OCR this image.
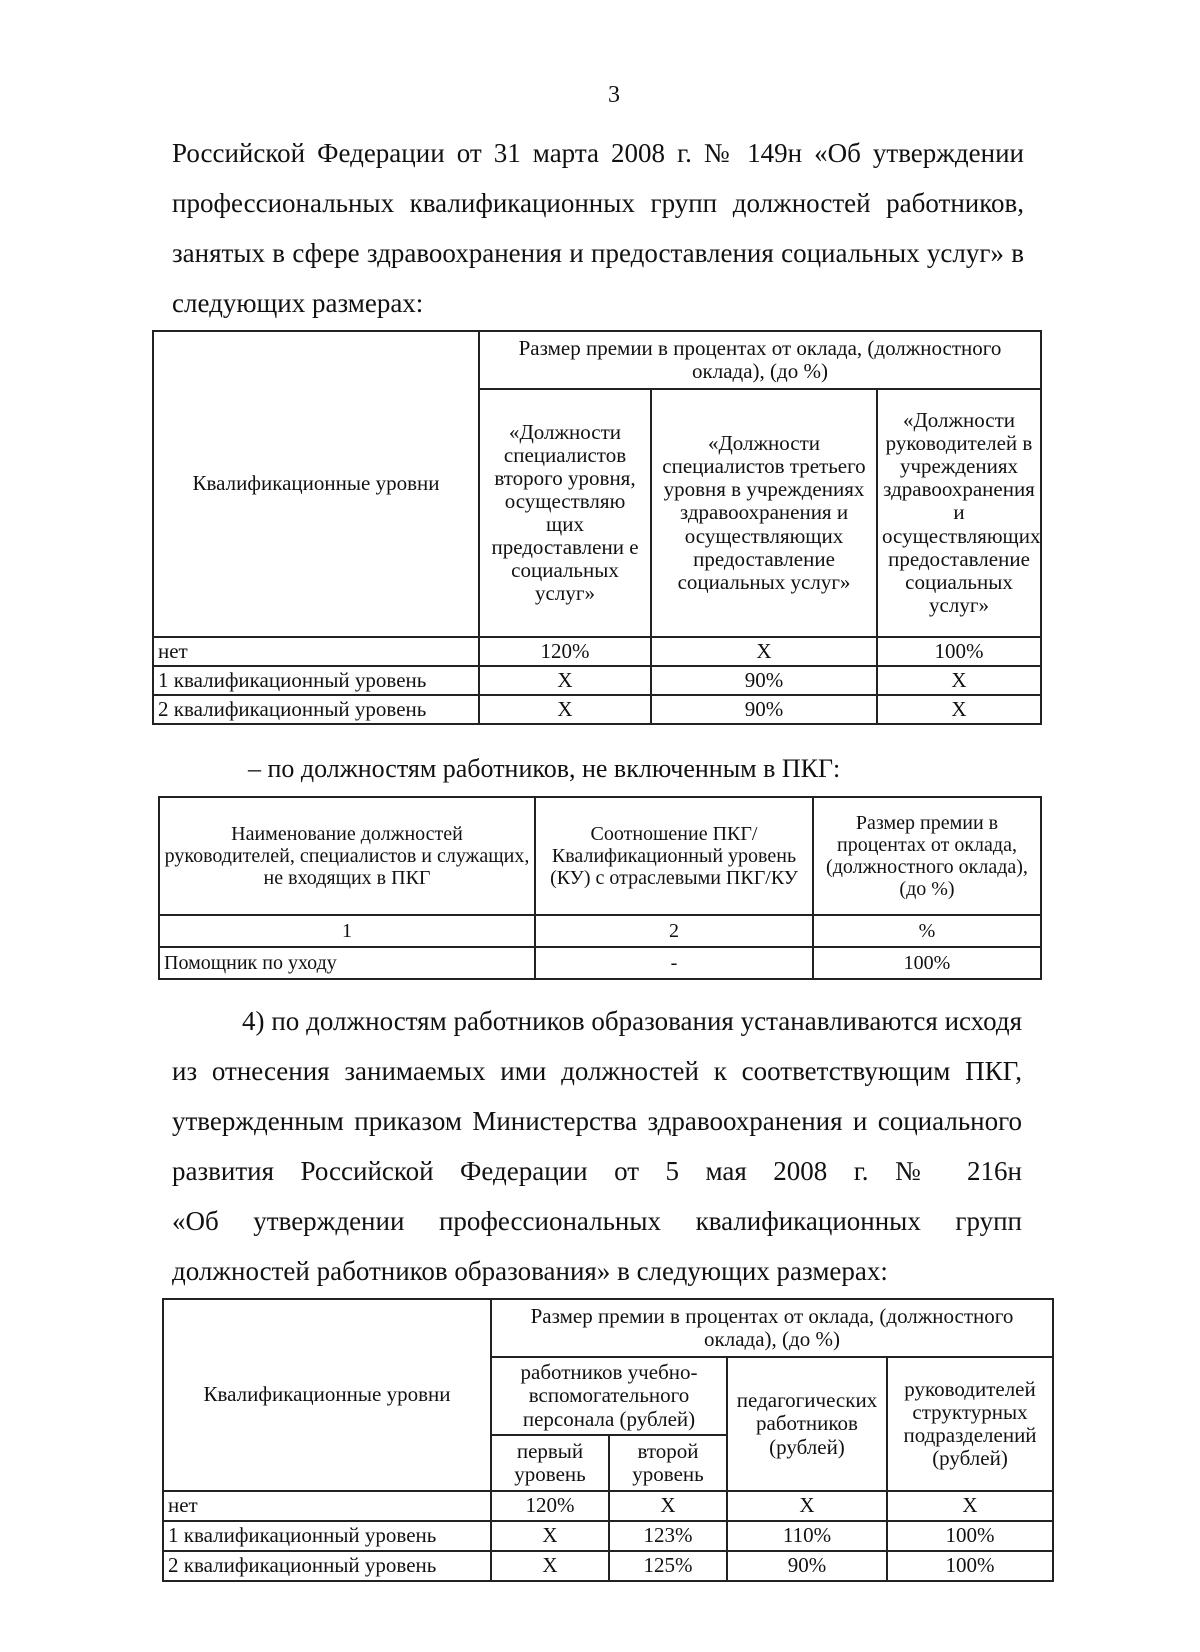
3
Российской Федерации от 31 марта 2008 г. № 149н «Об утверждении
профессиональных квалификационных групп должностей работников,
занятых в сфере здравоохранения и предоставления социальных услуг» в
следующих размерах:
Квалификационные уровни	Размер премии в процентах от оклада, (должностного оклада), (до %)		
	«Должности специалистов второго уровня, осуществляю щих предоставлени е социальных услуг»	«Должности специалистов третьего уровня в учреждениях здравоохранения и осуществляющих предоставление социальных услуг»	«Должности руководителей в учреждениях здравоохранения и осуществляющих предоставление социальных услуг»
нет	120%	X	100%
1 квалификационный уровень	X	90%	X
2 квалификационный уровень	X	90%	X
– по должностям работников, не включенным в ПКГ:
Наименование должностей руководителей, специалистов и служащих, не входящих в ПКГ	Соотношение ПКГ/Квалификационный уровень (КУ) с отраслевыми ПКГ/КУ	Размер премии в процентах от оклада, (должностного оклада), (до %)
1	2	%
Помощник по уходу	-	100%
4) по должностям работников образования устанавливаются исходя
из отнесения занимаемых ими должностей к соответствующим ПКГ,
утвержденным приказом Министерства здравоохранения и социального
развития Российской Федерации от 5 мая 2008 г. № 216н
«Об утверждении профессиональных квалификационных групп
должностей работников образования» в следующих размерах:
Квалификационные уровни	Размер премии в процентах от оклада, (должностного оклада), (до %)			
	работников учебно-вспомогательного персонала (рублей)		педагогических работников (рублей)	руководителей структурных подразделений (рублей)
	первый уровень	второй уровень		
нет	120%	X	X	X
1 квалификационный уровень	X	123%	110%	100%
2 квалификационный уровень	X	125%	90%	100%
